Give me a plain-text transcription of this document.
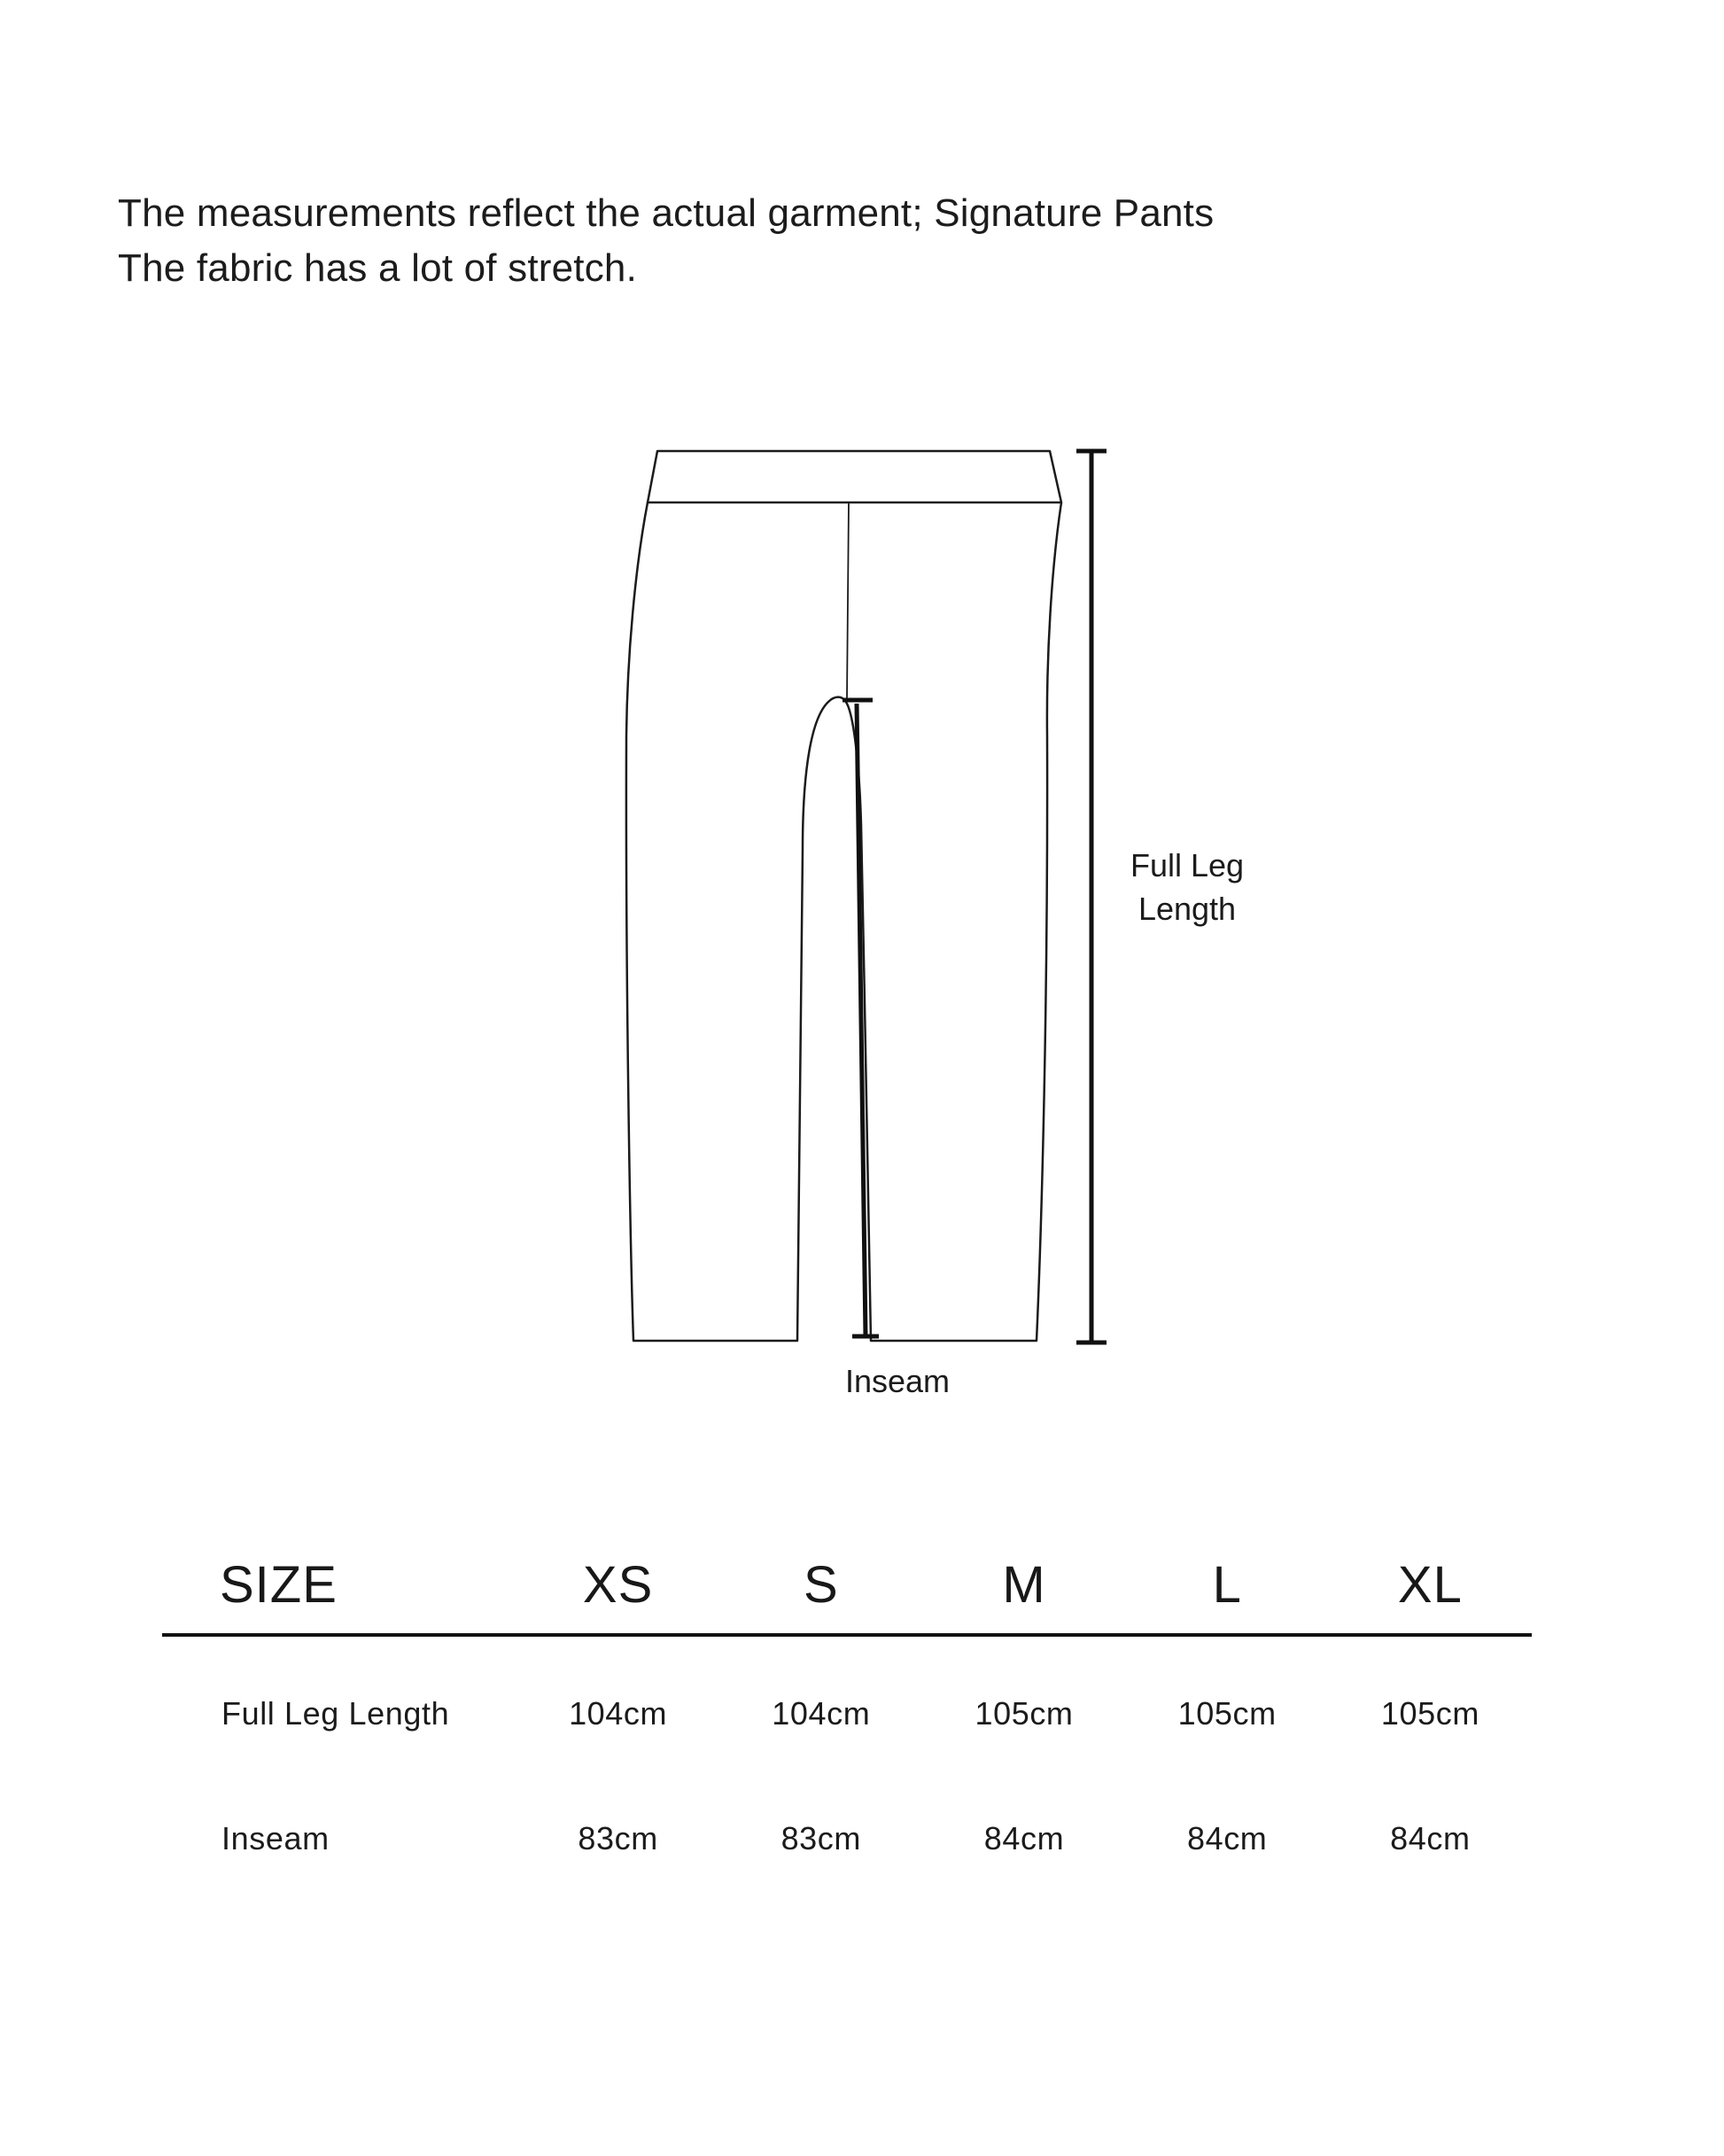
The measurements reflect the actual garment; Signature Pants
The fabric has a lot of stretch.
Full Leg
Length
Inseam
SIZE	XS	S	M	L	XL
Full Leg Length	104cm	104cm	105cm	105cm	105cm
Inseam	83cm	83cm	84cm	84cm	84cm
